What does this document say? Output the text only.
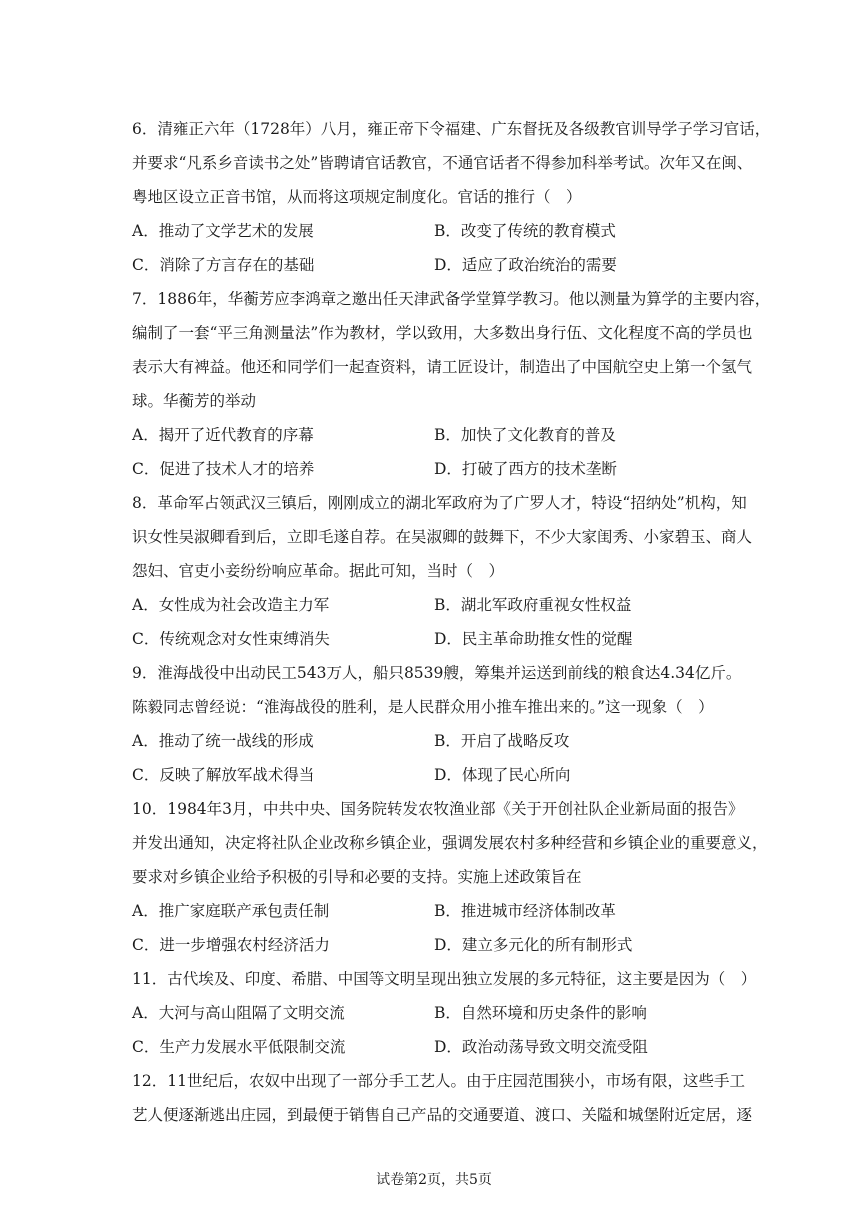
6．清雍正六年（1728年）八月，雍正帝下令福建、广东督抚及各级教官训导学子学习官话，
并要求“凡系乡音读书之处”皆聘请官话教官，不通官话者不得参加科举考试。次年又在闽、
粤地区设立正音书馆，从而将这项规定制度化。官话的推行（　）
A．推动了文学艺术的发展	B．改变了传统的教育模式
C．消除了方言存在的基础	D．适应了政治统治的需要
7．1886年，华蘅芳应李鸿章之邀出任天津武备学堂算学教习。他以测量为算学的主要内容，
编制了一套“平三角测量法”作为教材，学以致用，大多数出身行伍、文化程度不高的学员也
表示大有裨益。他还和同学们一起查资料，请工匠设计，制造出了中国航空史上第一个氢气
球。华蘅芳的举动
A．揭开了近代教育的序幕	B．加快了文化教育的普及
C．促进了技术人才的培养	D．打破了西方的技术垄断
8．革命军占领武汉三镇后，刚刚成立的湖北军政府为了广罗人才，特设“招纳处”机构，知
识女性吴淑卿看到后，立即毛遂自荐。在吴淑卿的鼓舞下，不少大家闺秀、小家碧玉、商人
怨妇、官吏小妾纷纷响应革命。据此可知，当时（　）
A．女性成为社会改造主力军	B．湖北军政府重视女性权益
C．传统观念对女性束缚消失	D．民主革命助推女性的觉醒
9．淮海战役中出动民工543万人，船只8539艘，筹集并运送到前线的粮食达4.34亿斤。
陈毅同志曾经说：“淮海战役的胜利，是人民群众用小推车推出来的。”这一现象（　）
A．推动了统一战线的形成	B．开启了战略反攻
C．反映了解放军战术得当	D．体现了民心所向
10．1984年3月，中共中央、国务院转发农牧渔业部《关于开创社队企业新局面的报告》
并发出通知，决定将社队企业改称乡镇企业，强调发展农村多种经营和乡镇企业的重要意义，
要求对乡镇企业给予积极的引导和必要的支持。实施上述政策旨在
A．推广家庭联产承包责任制	B．推进城市经济体制改革
C．进一步增强农村经济活力	D．建立多元化的所有制形式
11．古代埃及、印度、希腊、中国等文明呈现出独立发展的多元特征，这主要是因为（　）
A．大河与高山阻隔了文明交流	B．自然环境和历史条件的影响
C．生产力发展水平低限制交流	D．政治动荡导致文明交流受阻
12．11世纪后，农奴中出现了一部分手工艺人。由于庄园范围狭小，市场有限，这些手工
艺人便逐渐逃出庄园，到最便于销售自己产品的交通要道、渡口、关隘和城堡附近定居，逐
试卷第2页，共5页
